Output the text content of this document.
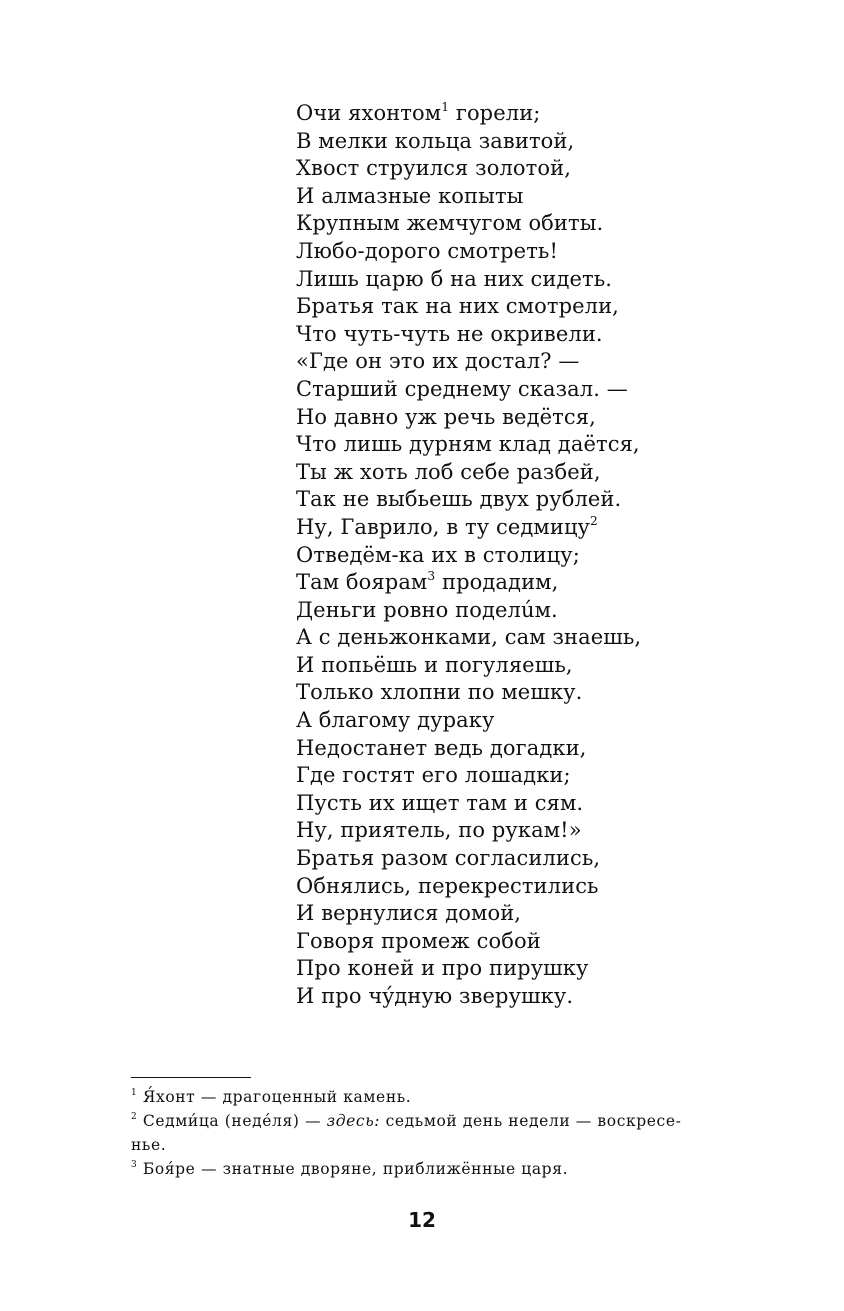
Очи яхонтом$^1$ горели;
В мелки кольца завитой,
Хвост струился золотой,
И алмазные копыты
Крупным жемчугом обиты.
Любо-дорого смотреть!
Лишь царю б на них сидеть.
Братья так на них смотрели,
Что чуть-чуть не окривели.
«Где он это их достал? —
Старший среднему сказал. —
Но давно уж речь ведётся,
Что лишь дурням клад даётся,
Ты ж хоть лоб себе разбей,
Так не выбьешь двух рублей.
Ну, Гаврило, в ту седмицу$^2$
Отведём-ка их в столицу;
Там боярам$^3$ продадим,
Деньги ровно поделúм.
А с деньжонками, сам знаешь,
И попьёшь и погуляешь,
Только хлопни по мешку.
А благому дураку
Недостанет ведь догадки,
Где гостят его лошадки;
Пусть их ищет там и сям.
Ну, приятель, по рукам!»
Братья разом согласились,
Обнялись, перекрестились
И вернулися домой,
Говоря промеж собой
Про коней и про пирушку
И про чýдную зверушку.
$^1$ Я́хонт — драгоценный камень.
$^2$ Седми́ца (неде́ля) — здесь: седьмой день недели — воскресе-
нье.
$^3$ Боя́ре — знатные дворяне, приближённые царя.
12
